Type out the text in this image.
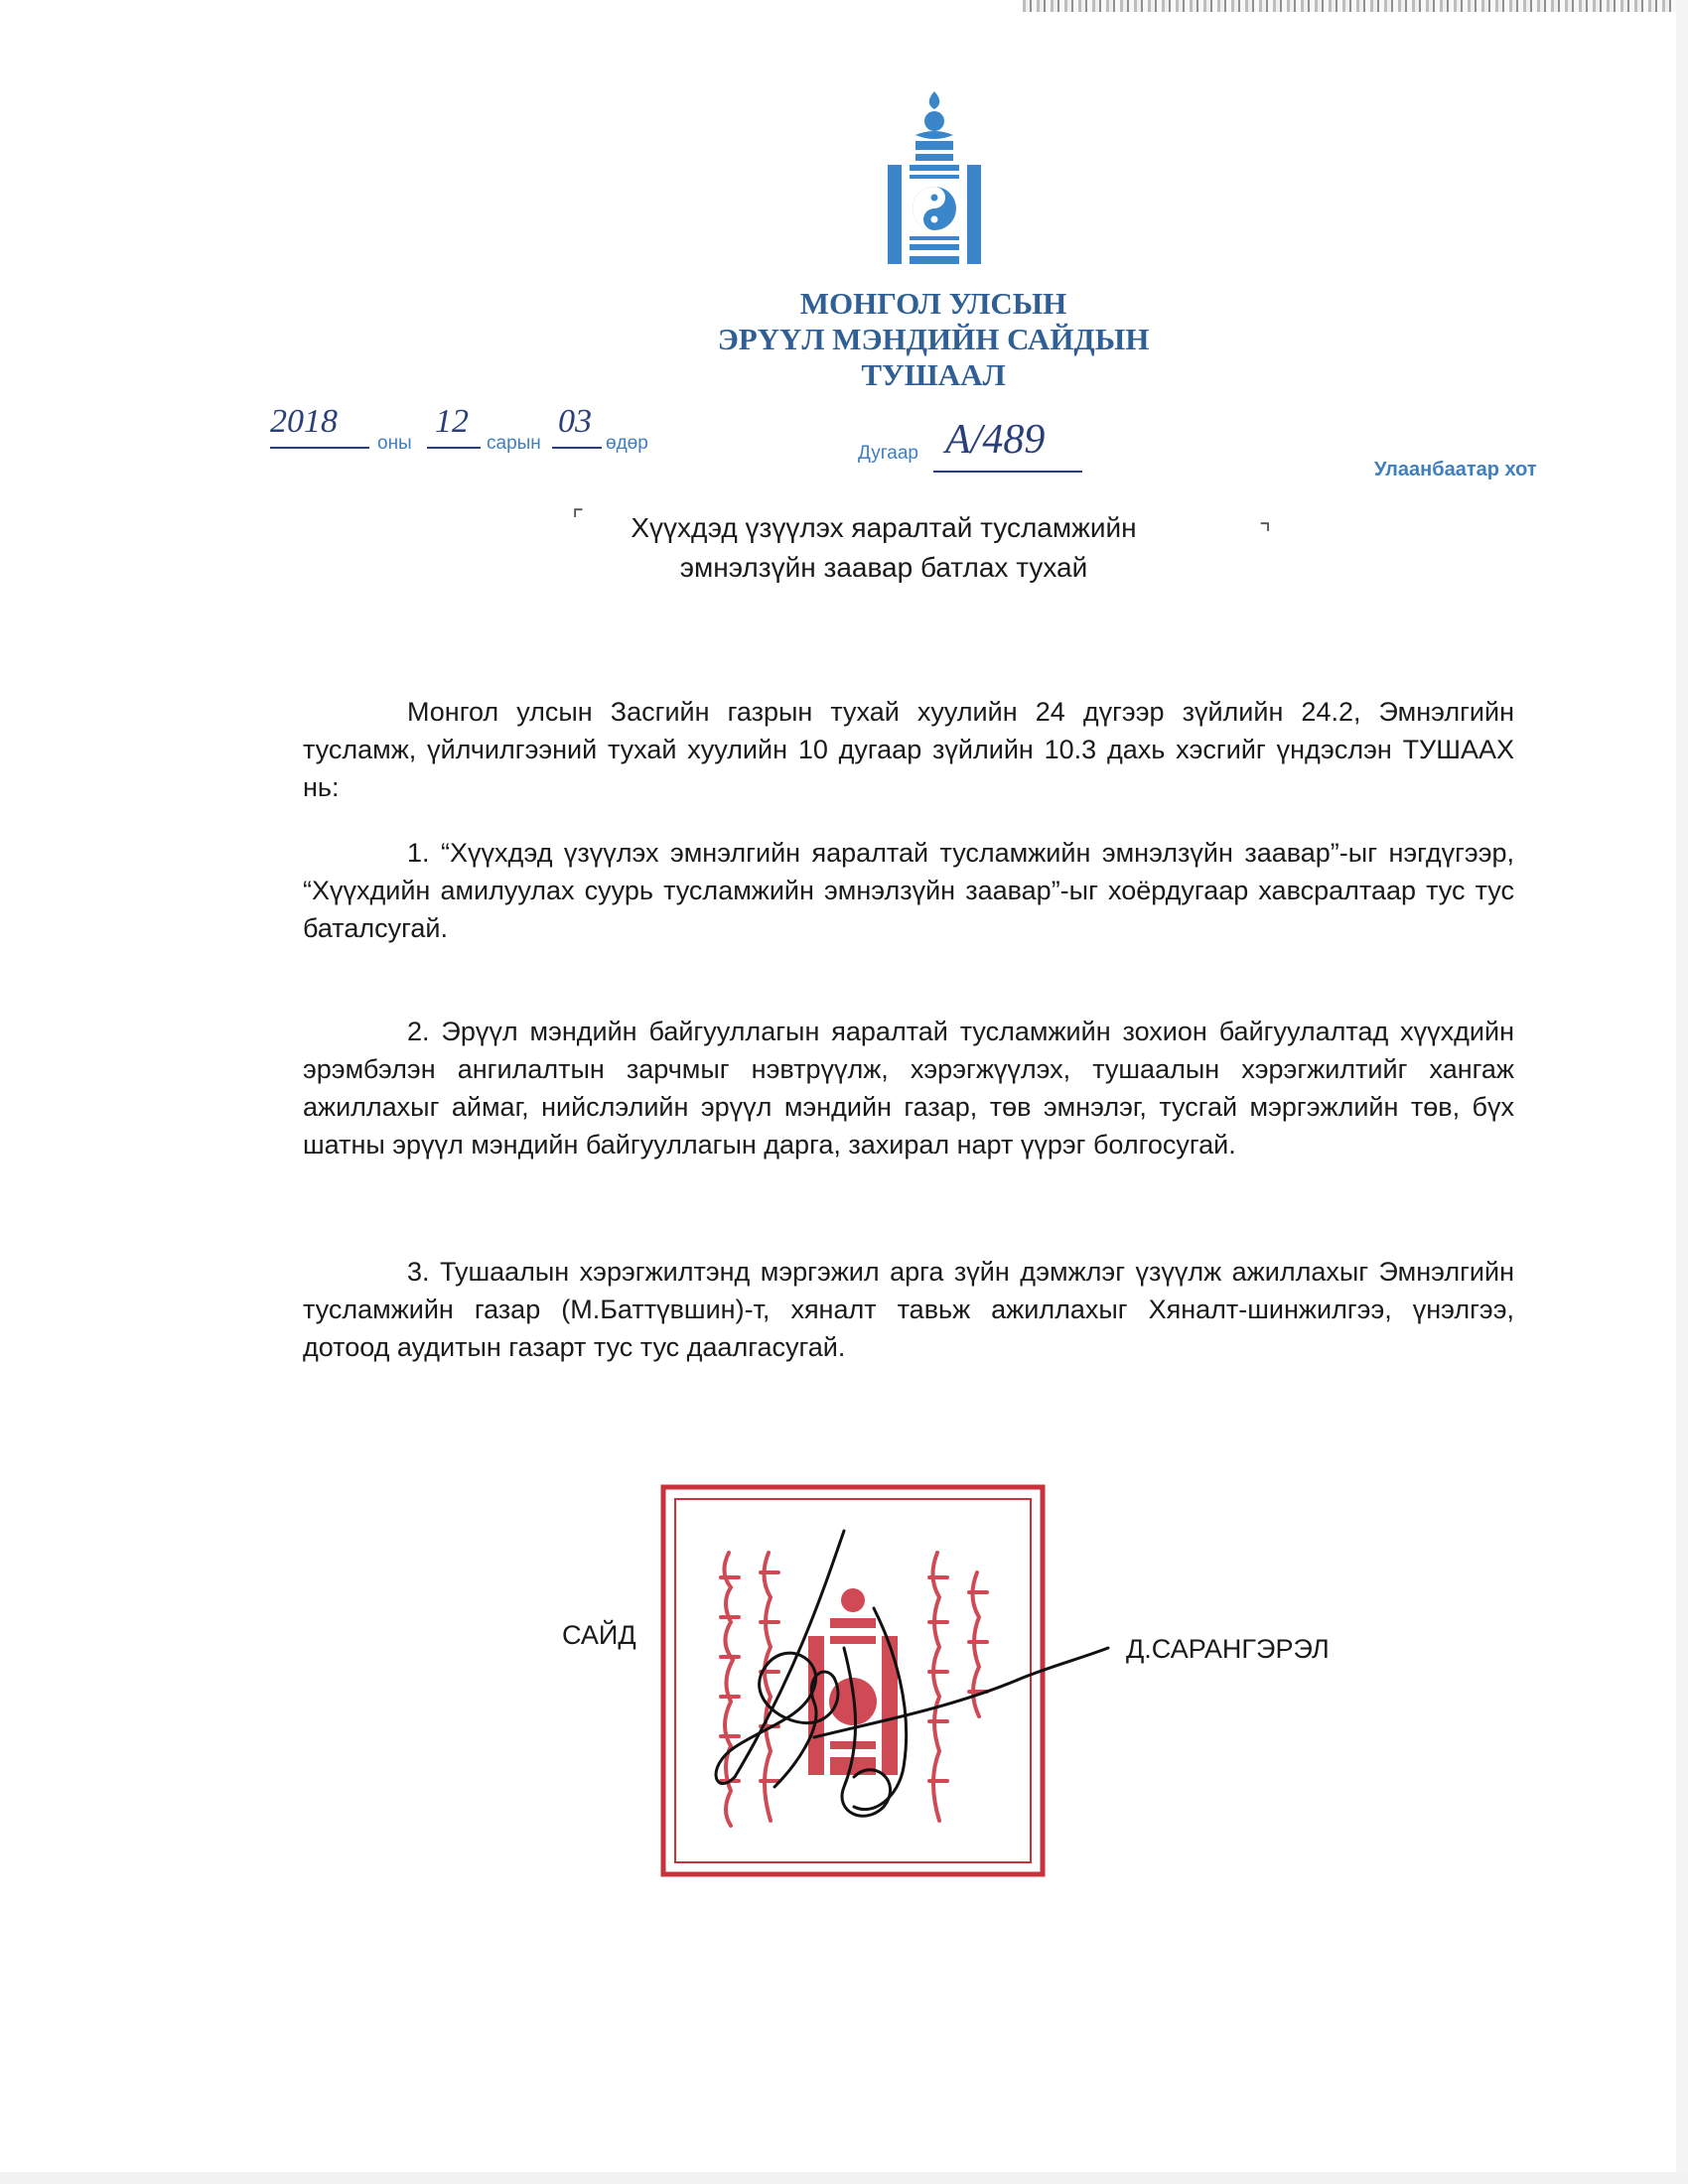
МОНГОЛ УЛСЫН
ЭРҮҮЛ МЭНДИЙН САЙДЫН
ТУШААЛ
2018
оны
12
сарын
03
өдөр	Дугаар А/489
Улаанбаатар хот
⌜	⌝
Хүүхдэд үзүүлэх яаралтай тусламжийн
эмнэлзүйн заавар батлах тухай
Монгол улсын Засгийн газрын тухай хуулийн 24 дүгээр зүйлийн 24.2, Эмнэлгийн тусламж, үйлчилгээний тухай хуулийн 10 дугаар зүйлийн 10.3 дахь хэсгийг үндэслэн ТУШААХ нь:
1. “Хүүхдэд үзүүлэх эмнэлгийн яаралтай тусламжийн эмнэлзүйн заавар”-ыг нэгдүгээр, “Хүүхдийн амилуулах суурь тусламжийн эмнэлзүйн заавар”-ыг хоёрдугаар хавсралтаар тус тус баталсугай.
2. Эрүүл мэндийн байгууллагын яаралтай тусламжийн зохион байгуулалтад хүүхдийн эрэмбэлэн ангилалтын зарчмыг нэвтрүүлж, хэрэгжүүлэх, тушаалын хэрэгжилтийг хангаж ажиллахыг аймаг, нийслэлийн эрүүл мэндийн газар, төв эмнэлэг, тусгай мэргэжлийн төв, бүх шатны эрүүл мэндийн байгууллагын дарга, захирал нарт үүрэг болгосугай.
3. Тушаалын хэрэгжилтэнд мэргэжил арга зүйн дэмжлэг үзүүлж ажиллахыг Эмнэлгийн тусламжийн газар (М.Баттүвшин)-т, хяналт тавьж ажиллахыг Хяналт-шинжилгээ, үнэлгээ, дотоод аудитын газарт тус тус даалгасугай.
САЙД	Д.САРАНГЭРЭЛ
